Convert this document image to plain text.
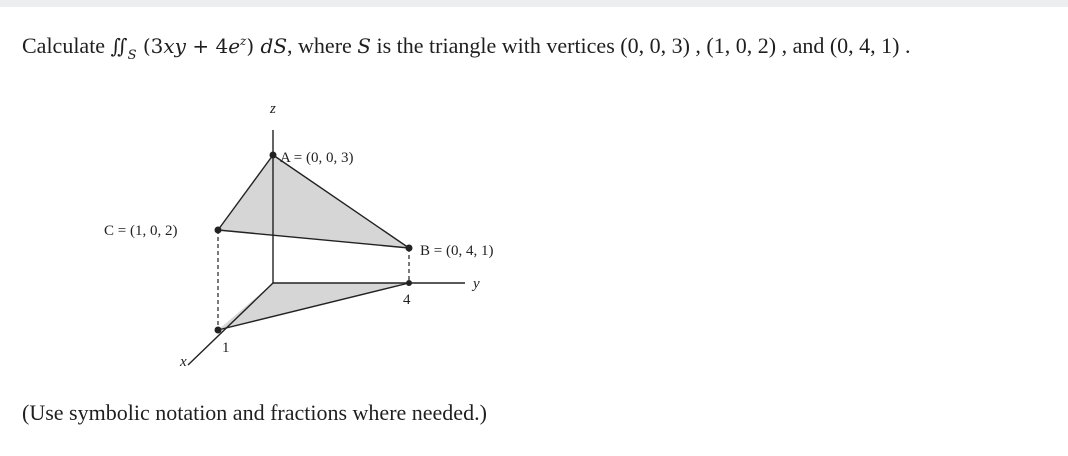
Calculate $∬_S$ $(3xy + 4e^z)$ dS, where S is the triangle with vertices (0, 0, 3) , (1, 0, 2) , and (0, 4, 1) .
z
A = (0, 0, 3)
C = (1, 0, 2)
B = (0, 4, 1)
y
4
x
1
(Use symbolic notation and fractions where needed.)
